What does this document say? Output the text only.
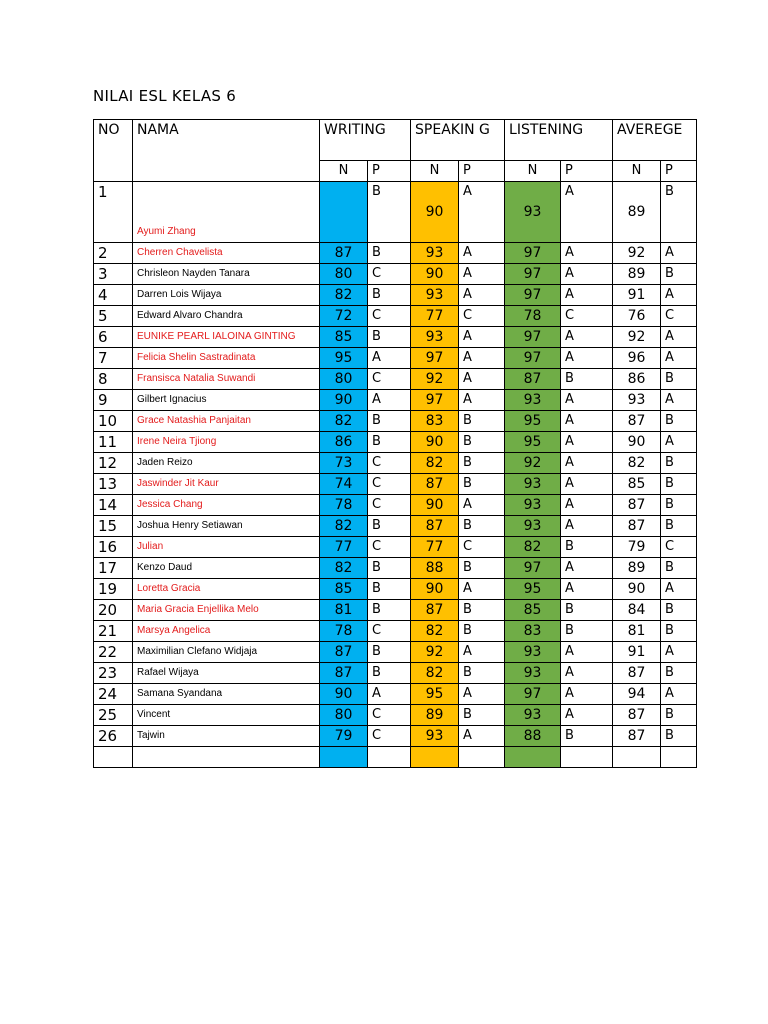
NILAI ESL KELAS 6
NO	NAMA	WRITING		SPEAKIN G		LISTENING		AVEREGE	
		N	P	N	P	N	P	N	P
1	Ayumi Zhang		B	90	A	93	A	89	B
2	Cherren Chavelista	87	B	93	A	97	A	92	A
3	Chrisleon Nayden Tanara	80	C	90	A	97	A	89	B
4	Darren Lois Wijaya	82	B	93	A	97	A	91	A
5	Edward Alvaro Chandra	72	C	77	C	78	C	76	C
6	EUNIKE PEARL IALOINA GINTING	85	B	93	A	97	A	92	A
7	Felicia Shelin Sastradinata	95	A	97	A	97	A	96	A
8	Fransisca Natalia Suwandi	80	C	92	A	87	B	86	B
9	Gilbert Ignacius	90	A	97	A	93	A	93	A
10	Grace Natashia Panjaitan	82	B	83	B	95	A	87	B
11	Irene Neira Tjiong	86	B	90	B	95	A	90	A
12	Jaden Reizo	73	C	82	B	92	A	82	B
13	Jaswinder Jit Kaur	74	C	87	B	93	A	85	B
14	Jessica Chang	78	C	90	A	93	A	87	B
15	Joshua Henry Setiawan	82	B	87	B	93	A	87	B
16	Julian	77	C	77	C	82	B	79	C
17	Kenzo Daud	82	B	88	B	97	A	89	B
19	Loretta Gracia	85	B	90	A	95	A	90	A
20	Maria Gracia Enjellika Melo	81	B	87	B	85	B	84	B
21	Marsya Angelica	78	C	82	B	83	B	81	B
22	Maximilian Clefano Widjaja	87	B	92	A	93	A	91	A
23	Rafael Wijaya	87	B	82	B	93	A	87	B
24	Samana Syandana	90	A	95	A	97	A	94	A
25	Vincent	80	C	89	B	93	A	87	B
26	Tajwin	79	C	93	A	88	B	87	B
